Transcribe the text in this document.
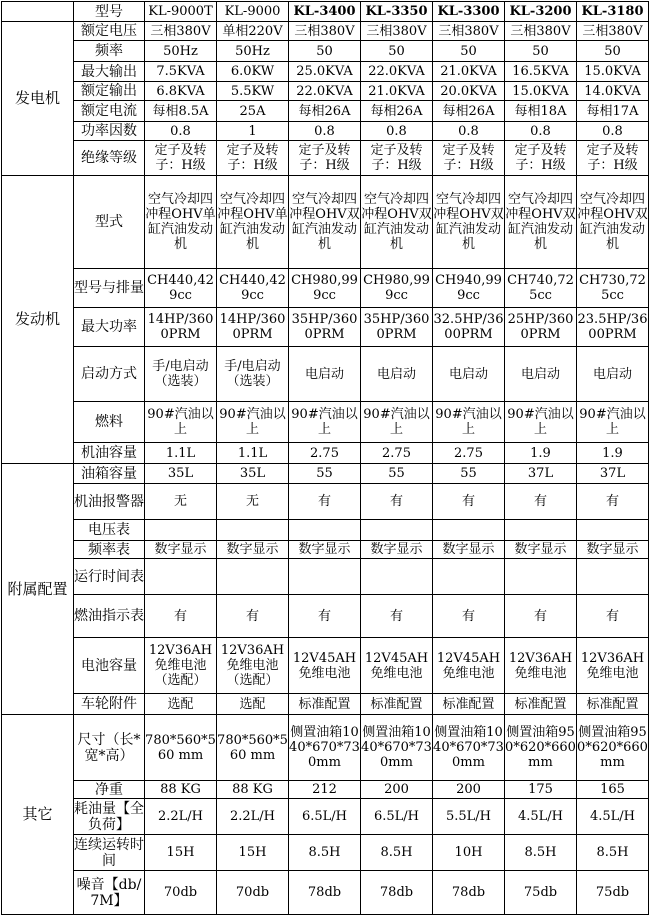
	型号	KL-9000T	KL-9000	KL-3400	KL-3350	KL-3300	KL-3200	KL-3180
发电机	额定电压	三相380V	单相220V	三相380V	三相380V	三相380V	三相380V	三相380V
	频率	50Hz	50Hz	50	50	50	50	50
	最大输出	7.5KVA	6.0KW	25.0KVA	22.0KVA	21.0KVA	16.5KVA	15.0KVA
	额定输出	6.8KVA	5.5KW	22.0KVA	21.0KVA	20.0KVA	15.0KVA	14.0KVA
	额定电流	每相8.5A	25A	每相26A	每相26A	每相26A	每相18A	每相17A
	功率因数	0.8	1	0.8	0.8	0.8	0.8	0.8
	绝缘等级	定子及转子：H级	定子及转子：H级	定子及转子：H级	定子及转子：H级	定子及转子：H级	定子及转子：H级	定子及转子：H级
发动机	型式	空气冷却四冲程OHV单缸汽油发动机	空气冷却四冲程OHV单缸汽油发动机	空气冷却四冲程OHV双缸汽油发动机	空气冷却四冲程OHV双缸汽油发动机	空气冷却四冲程OHV双缸汽油发动机	空气冷却四冲程OHV双缸汽油发动机	空气冷却四冲程OHV双缸汽油发动机
	型号与排量	CH440,429cc	CH440,429cc	CH980,999cc	CH980,999cc	CH940,999cc	CH740,725cc	CH730,725cc
	最大功率	14HP/3600PRM	14HP/3600PRM	35HP/3600PRM	35HP/3600PRM	32.5HP/3600PRM	25HP/3600PRM	23.5HP/3600PRM
	启动方式	手/电启动（选装）	手/电启动（选装）	电启动	电启动	电启动	电启动	电启动
	燃料	90#汽油以上	90#汽油以上	90#汽油以上	90#汽油以上	90#汽油以上	90#汽油以上	90#汽油以上
	机油容量	1.1L	1.1L	2.75	2.75	2.75	1.9	1.9
附属配置	油箱容量	35L	35L	55	55	55	37L	37L
	机油报警器	无	无	有	有	有	有	有
	电压表							
	频率表	数字显示	数字显示	数字显示	数字显示	数字显示	数字显示	数字显示
	运行时间表							
	燃油指示表	有	有	有	有	有	有	有
	电池容量	12V36AH免维电池（选配）	12V36AH免维电池（选配）	12V45AH免维电池	12V45AH免维电池	12V45AH免维电池	12V36AH免维电池	12V36AH免维电池
	车轮附件	选配	选配	标准配置	标准配置	标准配置	标准配置	标准配置
其它	尺寸（长*宽*高）	780*560*560 mm	780*560*560 mm	侧置油箱1040*670*730mm	侧置油箱1040*670*730mm	侧置油箱1040*670*730mm	侧置油箱950*620*660mm	侧置油箱950*620*660mm
	净重	88 KG	88 KG	212	200	200	175	165
	耗油量【全负荷】	2.2L/H	2.2L/H	6.5L/H	6.5L/H	5.5L/H	4.5L/H	4.5L/H
	连续运转时间	15H	15H	8.5H	8.5H	10H	8.5H	8.5H
	噪音【db/7M】	70db	70db	78db	78db	78db	75db	75db
